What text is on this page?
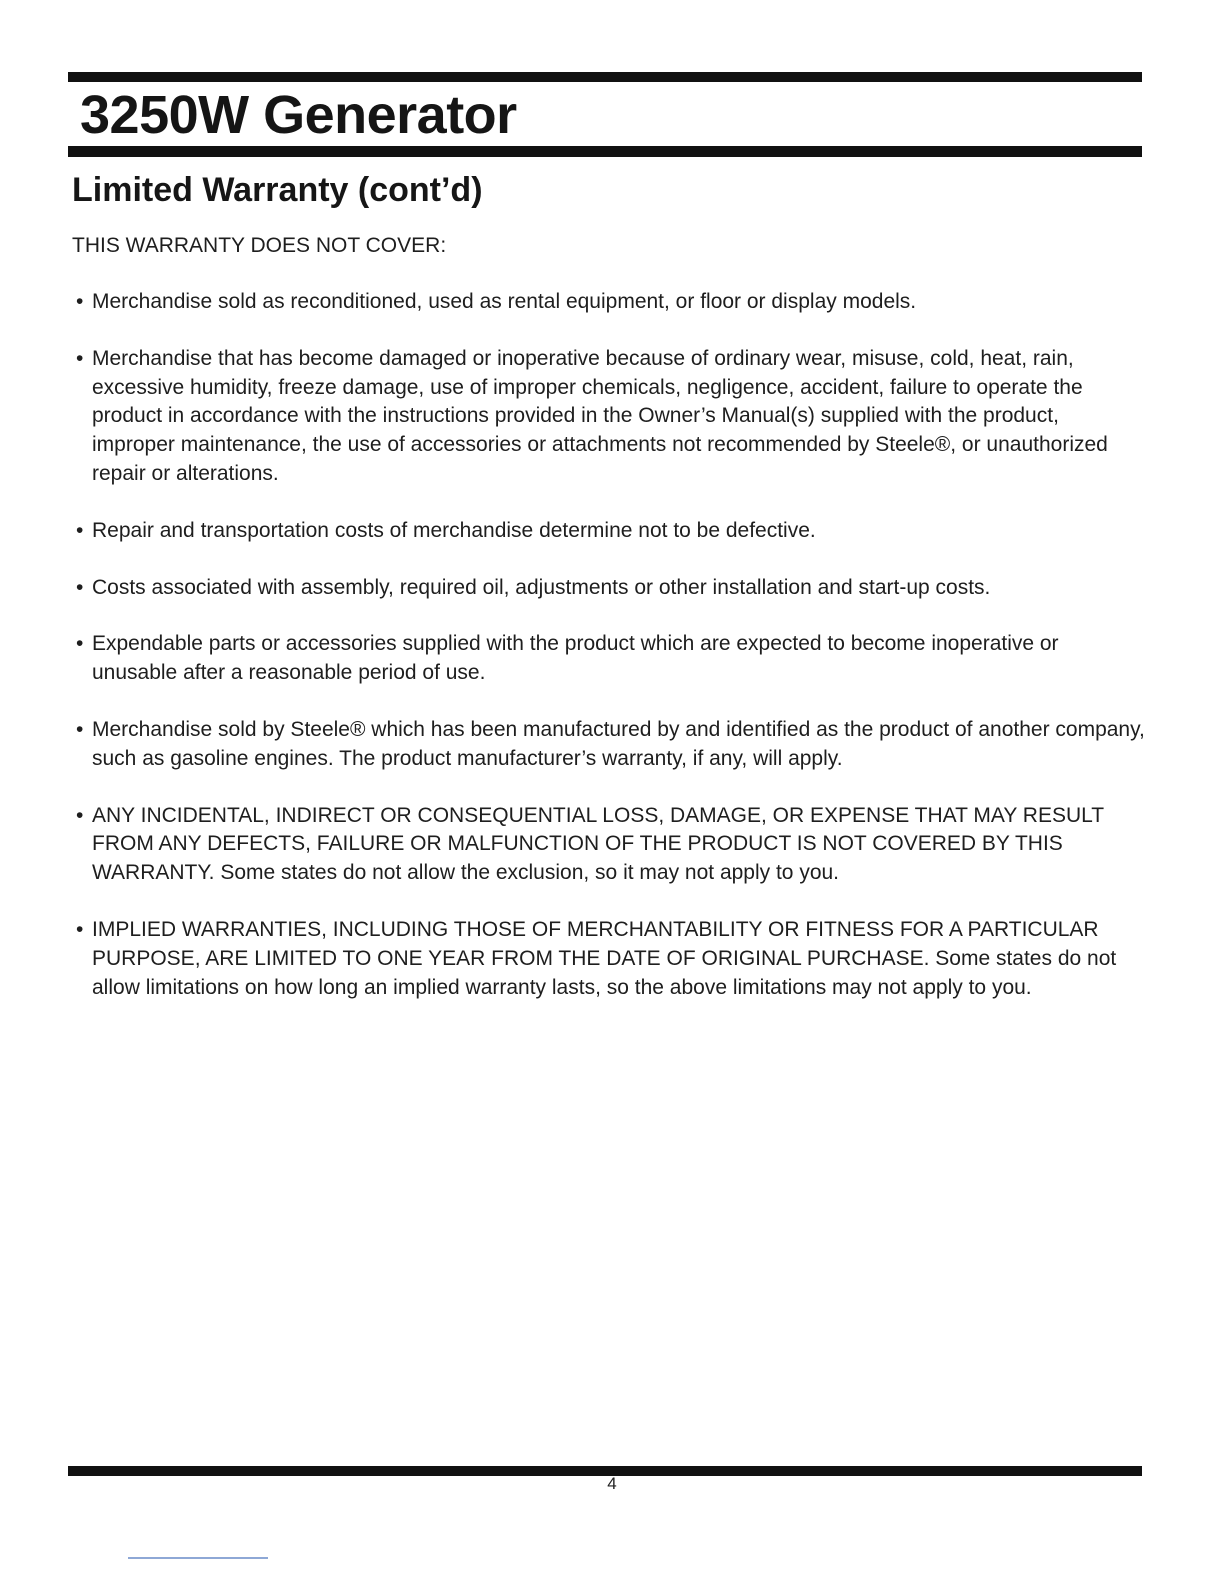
3250W Generator
Limited Warranty (cont’d)

THIS WARRANTY DOES NOT COVER:

• Merchandise sold as reconditioned, used as rental equipment, or floor or display models.
• Merchandise that has become damaged or inoperative because of ordinary wear, misuse, cold, heat, rain, excessive humidity, freeze damage, use of improper chemicals, negligence, accident, failure to operate the product in accordance with the instructions provided in the Owner’s Manual(s) supplied with the product, improper maintenance, the use of accessories or attachments not recommended by Steele®, or unauthorized repair or alterations.
• Repair and transportation costs of merchandise determine not to be defective.
• Costs associated with assembly, required oil, adjustments or other installation and start-up costs.
• Expendable parts or accessories supplied with the product which are expected to become inoperative or unusable after a reasonable period of use.
• Merchandise sold by Steele® which has been manufactured by and identified as the product of another company, such as gasoline engines. The product manufacturer’s warranty, if any, will apply.
• ANY INCIDENTAL, INDIRECT OR CONSEQUENTIAL LOSS, DAMAGE, OR EXPENSE THAT MAY RESULT FROM ANY DEFECTS, FAILURE OR MALFUNCTION OF THE PRODUCT IS NOT COVERED BY THIS WARRANTY. Some states do not allow the exclusion, so it may not apply to you.
• IMPLIED WARRANTIES, INCLUDING THOSE OF MERCHANTABILITY OR FITNESS FOR A PARTICULAR PURPOSE, ARE LIMITED TO ONE YEAR FROM THE DATE OF ORIGINAL PURCHASE. Some states do not allow limitations on how long an implied warranty lasts, so the above limitations may not apply to you.
4
